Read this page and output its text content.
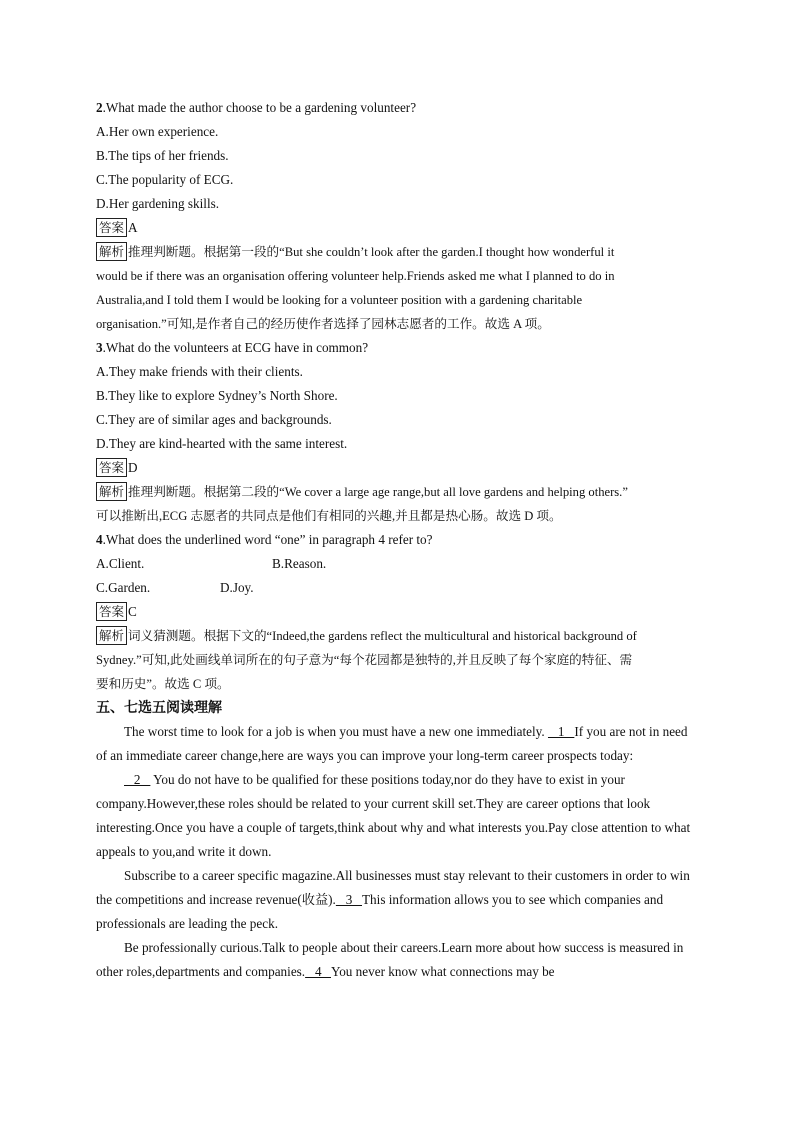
2.What made the author choose to be a gardening volunteer?
A.Her own experience.
B.The tips of her friends.
C.The popularity of ECG.
D.Her gardening skills.
答案 A
解析 推理判断题。根据第一段的“But she couldn’t look after the garden.I thought how wonderful it
would be if there was an organisation offering volunteer help.Friends asked me what I planned to do in
Australia,and I told them I would be looking for a volunteer position with a gardening charitable
organisation.”可知,是作者自己的经历使作者选择了园林志愿者的工作。故选 A 项。
3.What do the volunteers at ECG have in common?
A.They make friends with their clients.
B.They like to explore Sydney’s North Shore.
C.They are of similar ages and backgrounds.
D.They are kind-hearted with the same interest.
答案 D
解析 推理判断题。根据第二段的“We cover a large age range,but all love gardens and helping others.”
可以推断出,ECG 志愿者的共同点是他们有相同的兴趣,并且都是热心肠。故选 D 项。
4.What does the underlined word “one” in paragraph 4 refer to?
A.Client.	B.Reason.
C.Garden.	D.Joy.
答案 C
解析 词义猜测题。根据下文的“Indeed,the gardens reflect the multicultural and historical background of
Sydney.”可知,此处画线单词所在的句子意为“每个花园都是独特的,并且反映了每个家庭的特征、需
要和历史”。故选 C 项。
五、七选五阅读理解
The worst time to look for a job is when you must have a new one immediately.    1   If you are not in need of an immediate career change,here are ways you can improve your long-term career prospects today:
2    You do not have to be qualified for these positions today,nor do they have to exist in your company.However,these roles should be related to your current skill set.They are career options that look interesting.Once you have a couple of targets,think about why and what interests you.Pay close attention to what appeals to you,and write it down.
Subscribe to a career specific magazine.All businesses must stay relevant to their customers in order to win the competitions and increase revenue(收益).   3   This information allows you to see which companies and professionals are leading the peck.
Be professionally curious.Talk to people about their careers.Learn more about how success is measured in other roles,departments and companies.   4   You never know what connections may be
